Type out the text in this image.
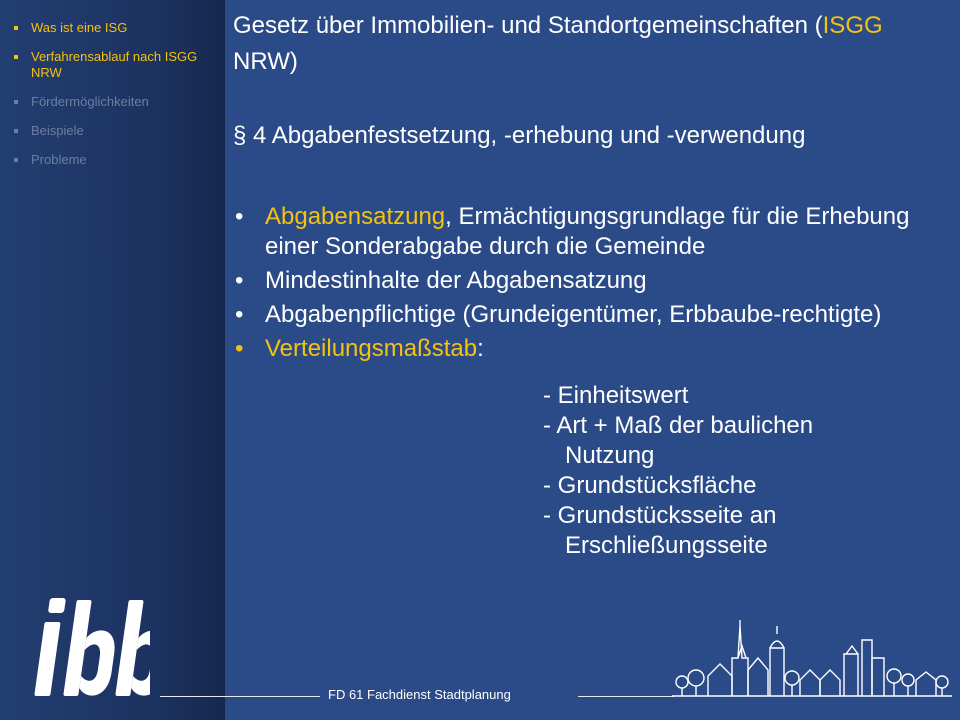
Was ist eine ISG
Verfahrensablauf nach ISGG NRW
Fördermöglichkeiten
Beispiele
Probleme
Gesetz über Immobilien- und Standortgemeinschaften (ISGG NRW)
§ 4 Abgabenfestsetzung, -erhebung und -verwendung
• Abgabensatzung, Ermächtigungsgrundlage für die Erhebung einer Sonderabgabe durch die Gemeinde
• Mindestinhalte der Abgabensatzung
• Abgabenpflichtige (Grundeigentümer, Erbbaube-rechtigte)
• Verteilungsmaßstab:
- Einheitswert
- Art + Maß der baulichen
Nutzung
- Grundstücksfläche
- Grundstücksseite an
Erschließungsseite
FD 61 Fachdienst Stadtplanung
